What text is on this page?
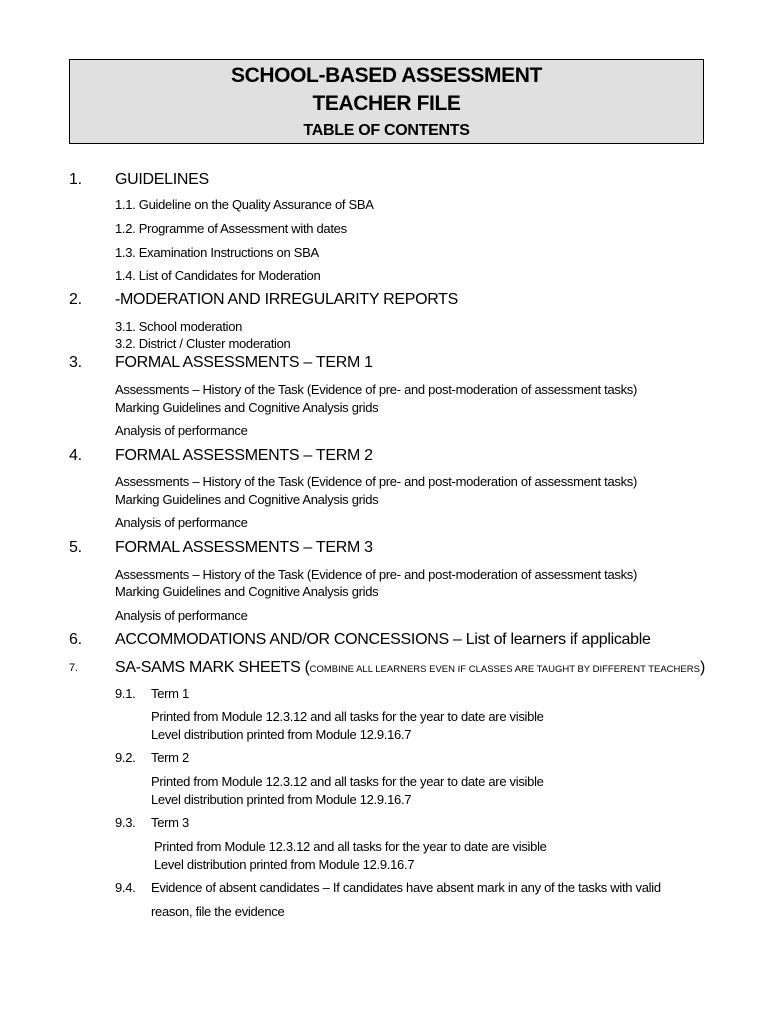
SCHOOL-BASED ASSESSMENT
TEACHER FILE
TABLE OF CONTENTS
1. GUIDELINES
1.1. Guideline on the Quality Assurance of SBA
1.2. Programme of Assessment with dates
1.3. Examination Instructions on SBA
1.4. List of Candidates for Moderation
2. -MODERATION AND IRREGULARITY REPORTS
3.1. School moderation
3.2. District / Cluster moderation
3. FORMAL ASSESSMENTS – TERM 1
Assessments – History of the Task (Evidence of pre- and post-moderation of assessment tasks)
Marking Guidelines and Cognitive Analysis grids
Analysis of performance
4. FORMAL ASSESSMENTS – TERM 2
Assessments – History of the Task (Evidence of pre- and post-moderation of assessment tasks)
Marking Guidelines and Cognitive Analysis grids
Analysis of performance
5. FORMAL ASSESSMENTS – TERM 3
Assessments – History of the Task (Evidence of pre- and post-moderation of assessment tasks)
Marking Guidelines and Cognitive Analysis grids
Analysis of performance
6. ACCOMMODATIONS AND/OR CONCESSIONS – List of learners if applicable
7. SA-SAMS MARK SHEETS (COMBINE ALL LEARNERS EVEN IF CLASSES ARE TAUGHT BY DIFFERENT TEACHERS)
9.1. Term 1
Printed from Module 12.3.12 and all tasks for the year to date are visible
Level distribution printed from Module 12.9.16.7
9.2. Term 2
Printed from Module 12.3.12 and all tasks for the year to date are visible
Level distribution printed from Module 12.9.16.7
9.3. Term 3
Printed from Module 12.3.12 and all tasks for the year to date are visible
Level distribution printed from Module 12.9.16.7
9.4. Evidence of absent candidates – If candidates have absent mark in any of the tasks with valid
reason, file the evidence
